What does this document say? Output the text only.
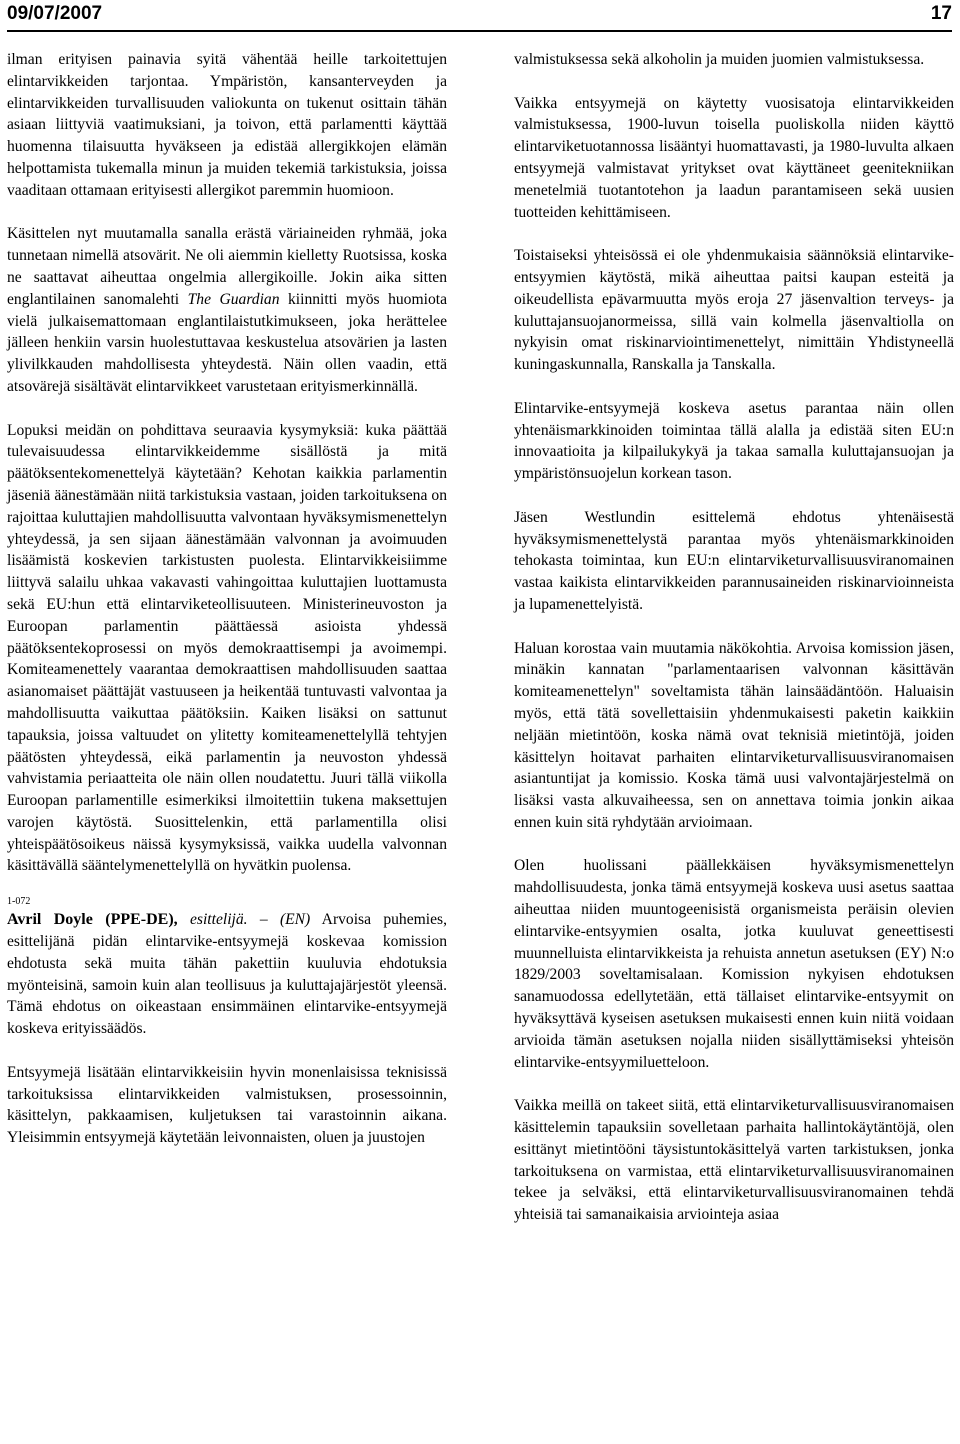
09/07/2007	17

ilman erityisen painavia syitä vähentää heille tarkoitettujen elintarvikkeiden tarjontaa. Ympäristön, kansanterveyden ja elintarvikkeiden turvallisuuden valiokunta on tukenut osittain tähän asiaan liittyviä vaatimuksiani, ja toivon, että parlamentti käyttää huomenna tilaisuutta hyväkseen ja edistää allergikkojen elämän helpottamista tukemalla minun ja muiden tekemiä tarkistuksia, joissa vaaditaan ottamaan erityisesti allergikot paremmin huomioon.

Käsittelen nyt muutamalla sanalla erästä väriaineiden ryhmää, joka tunnetaan nimellä atsovärit. Ne oli aiemmin kielletty Ruotsissa, koska ne saattavat aiheuttaa ongelmia allergikoille. Jokin aika sitten englantilainen sanomalehti The Guardian kiinnitti myös huomiota vielä julkaisemattomaan englantilaistutkimukseen, joka herättelee jälleen henkiin varsin huolestuttavaa keskustelua atsovärien ja lasten ylivilkkauden mahdollisesta yhteydestä. Näin ollen vaadin, että atsovärejä sisältävät elintarvikkeet varustetaan erityismerkinnällä.

Lopuksi meidän on pohdittava seuraavia kysymyksiä: kuka päättää tulevaisuudessa elintarvikkeidemme sisällöstä ja mitä päätöksentekomenettelyä käytetään? Kehotan kaikkia parlamentin jäseniä äänestämään niitä tarkistuksia vastaan, joiden tarkoituksena on rajoittaa kuluttajien mahdollisuutta valvontaan hyväksymismenettelyn yhteydessä, ja sen sijaan äänestämään valvonnan ja avoimuuden lisäämistä koskevien tarkistusten puolesta. Elintarvikkeisiimme liittyvä salailu uhkaa vakavasti vahingoittaa kuluttajien luottamusta sekä EU:hun että elintarviketeollisuuteen. Ministerineuvoston ja Euroopan parlamentin päättäessä asioista yhdessä päätöksentekoprosessi on myös demokraattisempi ja avoimempi. Komiteamenettely vaarantaa demokraattisen mahdollisuuden saattaa asianomaiset päättäjät vastuuseen ja heikentää tuntuvasti valvontaa ja mahdollisuutta vaikuttaa päätöksiin. Kaiken lisäksi on sattunut tapauksia, joissa valtuudet on ylitetty komiteamenettelyllä tehtyjen päätösten yhteydessä, eikä parlamentin ja neuvoston yhdessä vahvistamia periaatteita ole näin ollen noudatettu. Juuri tällä viikolla Euroopan parlamentille esimerkiksi ilmoitettiin tukena maksettujen varojen käytöstä. Suosittelenkin, että parlamentilla olisi yhteispäätösoikeus näissä kysymyksissä, vaikka uudella valvonnan käsittävällä sääntelymenettelyllä on hyvätkin puolensa.

1-072

Avril Doyle (PPE-DE), esittelijä. – (EN) Arvoisa puhemies, esittelijänä pidän elintarvike-entsyymejä koskevaa komission ehdotusta sekä muita tähän pakettiin kuuluvia ehdotuksia myönteisinä, samoin kuin alan teollisuus ja kuluttajajärjestöt yleensä. Tämä ehdotus on oikeastaan ensimmäinen elintarvike-entsyymejä koskeva erityissäädös.

Entsyymejä lisätään elintarvikkeisiin hyvin monenlaisissa teknisissä tarkoituksissa elintarvikkeiden valmistuksen, prosessoinnin, käsittelyn, pakkaamisen, kuljetuksen tai varastoinnin aikana. Yleisimmin entsyymejä käytetään leivonnaisten, oluen ja juustojen

valmistuksessa sekä alkoholin ja muiden juomien valmistuksessa.

Vaikka entsyymejä on käytetty vuosisatoja elintarvikkeiden valmistuksessa, 1900-luvun toisella puoliskolla niiden käyttö elintarviketuotannossa lisääntyi huomattavasti, ja 1980-luvulta alkaen entsyymejä valmistavat yritykset ovat käyttäneet geenitekniikan menetelmiä tuotantotehon ja laadun parantamiseen sekä uusien tuotteiden kehittämiseen.

Toistaiseksi yhteisössä ei ole yhdenmukaisia säännöksiä elintarvike-entsyymien käytöstä, mikä aiheuttaa paitsi kaupan esteitä ja oikeudellista epävarmuutta myös eroja 27 jäsenvaltion terveys- ja kuluttajansuojanormeissa, sillä vain kolmella jäsenvaltiolla on nykyisin omat riskinarviointimenettelyt, nimittäin Yhdistyneellä kuningaskunnalla, Ranskalla ja Tanskalla.

Elintarvike-entsyymejä koskeva asetus parantaa näin ollen yhtenäismarkkinoiden toimintaa tällä alalla ja edistää siten EU:n innovaatioita ja kilpailukykyä ja takaa samalla kuluttajansuojan ja ympäristönsuojelun korkean tason.

Jäsen Westlundin esittelemä ehdotus yhtenäisestä hyväksymismenettelystä parantaa myös yhtenäismarkkinoiden tehokasta toimintaa, kun EU:n elintarviketurvallisuusviranomainen vastaa kaikista elintarvikkeiden parannusaineiden riskinarvioinneista ja lupamenettelyistä.

Haluan korostaa vain muutamia näkökohtia. Arvoisa komission jäsen, minäkin kannatan "parlamentaarisen valvonnan käsittävän komiteamenettelyn" soveltamista tähän lainsäädäntöön. Haluaisin myös, että tätä sovellettaisiin yhdenmukaisesti paketin kaikkiin neljään mietintöön, koska nämä ovat teknisiä mietintöjä, joiden käsittelyn hoitavat parhaiten elintarviketurvallisuusviranomaisen asiantuntijat ja komissio. Koska tämä uusi valvontajärjestelmä on lisäksi vasta alkuvaiheessa, sen on annettava toimia jonkin aikaa ennen kuin sitä ryhdytään arvioimaan.

Olen huolissani päällekkäisen hyväksymismenettelyn mahdollisuudesta, jonka tämä entsyymejä koskeva uusi asetus saattaa aiheuttaa niiden muuntogeenisistä organismeista peräisin olevien elintarvike-entsyymien osalta, jotka kuuluvat geneettisesti muunnelluista elintarvikkeista ja rehuista annetun asetuksen (EY) N:o 1829/2003 soveltamisalaan. Komission nykyisen ehdotuksen sanamuodossa edellytetään, että tällaiset elintarvike-entsyymit on hyväksyttävä kyseisen asetuksen mukaisesti ennen kuin niitä voidaan arvioida tämän asetuksen nojalla niiden sisällyttämiseksi yhteisön elintarvike-entsyymiluetteloon.

Vaikka meillä on takeet siitä, että elintarviketurvallisuusviranomaisen käsittelemin tapauksiin sovelletaan parhaita hallintokäytäntöjä, olen esittänyt mietintööni täysistuntokäsittelyä varten tarkistuksen, jonka tarkoituksena on varmistaa, että elintarviketurvallisuusviranomainen tekee ja selväksi, että elintarviketurvallisuusviranomainen tehdä yhteisiä tai samanaikaisia arviointeja asiaa
